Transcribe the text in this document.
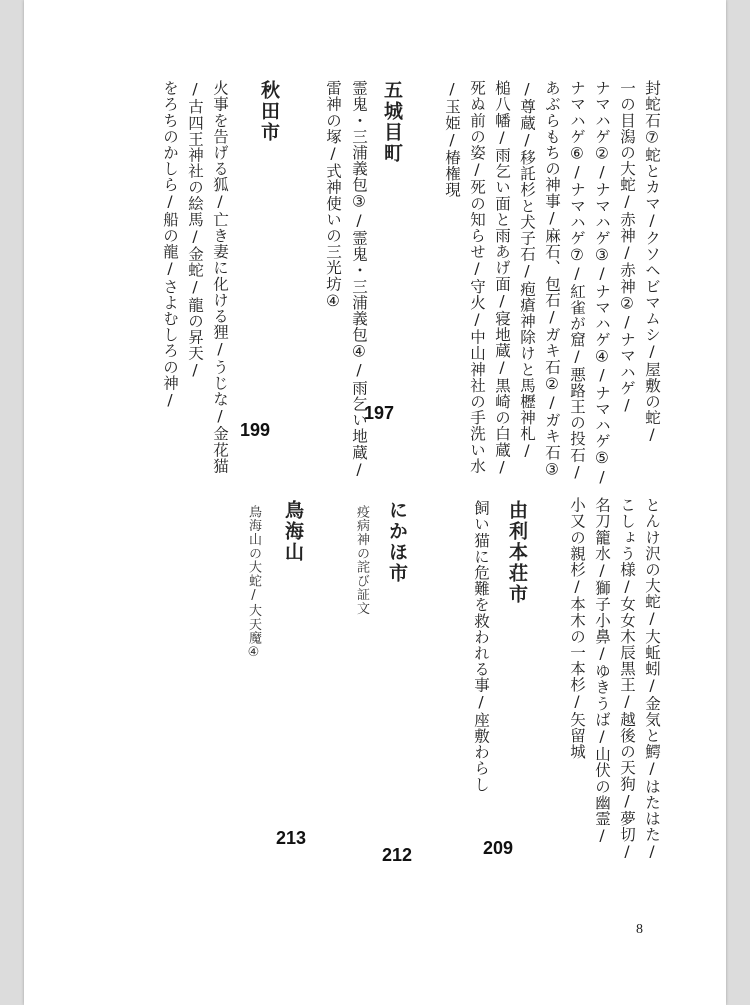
封蛇石⑦蛇とカマ/クソヘビマムシ/屋敷の蛇/
一の目潟の大蛇/赤神/赤神②/ナマハゲ/
ナマハゲ②/ナマハゲ③/ナマハゲ④/ナマハゲ⑤/
ナマハゲ⑥/ナマハゲ⑦/紅雀が窟/悪路王の投石/
あぶらもちの神事/麻石、包石/ガキ石②/ガキ石③
/尊蔵/移託杉と犬子石/疱瘡神除けと馬櫪神札/
槌八幡/雨乞い面と雨あげ面/寝地蔵/黒崎の白蔵/
死ぬ前の姿/死の知らせ/守火/中山神社の手洗い水
/玉姫/椿権現
五城目町
197
霊鬼・三浦義包③/霊鬼・三浦義包④/雨乞い地蔵/
雷神の塚/式神使いの三光坊④
秋田市
199
火事を告げる狐/亡き妻に化ける狸/うじな/金花猫
/古四王神社の絵馬/金蛇/龍の昇天/
をろちのかしら/船の龍/さよむしろの神/
とんけ沢の大蛇/大蚯蚓/金気と鰐/はたはた/
こしょう様/女女木辰黒王/越後の天狗/夢切/
名刀籠水/獅子小鼻/ゆきうば/山伏の幽霊/
小又の親杉/本木の一本杉/矢留城
由利本荘市
209
飼い猫に危難を救われる事/座敷わらし
にかほ市
212
疫病神の詫び証文
鳥海山
213
鳥海山の大蛇/大天魔④
8
